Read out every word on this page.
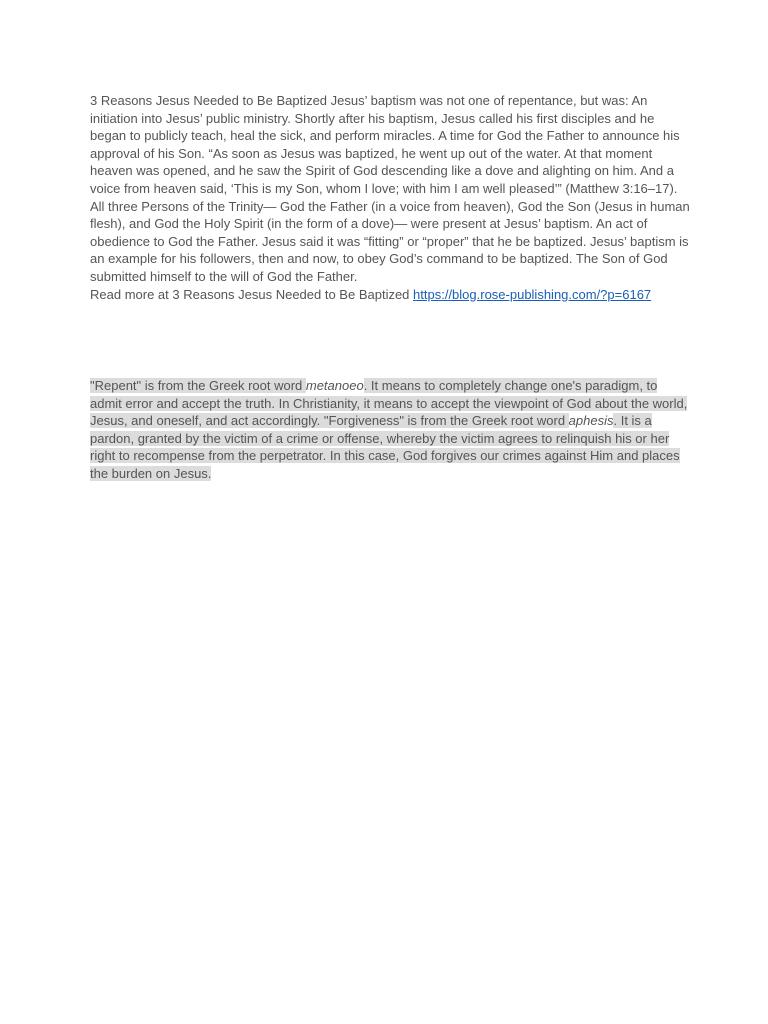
3 Reasons Jesus Needed to Be Baptized Jesus’ baptism was not one of repentance, but was: An initiation into Jesus’ public ministry. Shortly after his baptism, Jesus called his first disciples and he began to publicly teach, heal the sick, and perform miracles. A time for God the Father to announce his approval of his Son. “As soon as Jesus was baptized, he went up out of the water. At that moment heaven was opened, and he saw the Spirit of God descending like a dove and alighting on him. And a voice from heaven said, ‘This is my Son, whom I love; with him I am well pleased’” (Matthew 3:16–17). All three Persons of the Trinity— God the Father (in a voice from heaven), God the Son (Jesus in human flesh), and God the Holy Spirit (in the form of a dove)— were present at Jesus’ baptism. An act of obedience to God the Father. Jesus said it was “fitting” or “proper” that he be baptized. Jesus’ baptism is an example for his followers, then and now, to obey God’s command to be baptized. The Son of God submitted himself to the will of God the Father.
Read more at 3 Reasons Jesus Needed to Be Baptized https://blog.rose-publishing.com/?p=6167

"Repent" is from the Greek root word metanoeo. It means to completely change one's paradigm, to admit error and accept the truth. In Christianity, it means to accept the viewpoint of God about the world, Jesus, and oneself, and act accordingly. "Forgiveness" is from the Greek root word aphesis. It is a pardon, granted by the victim of a crime or offense, whereby the victim agrees to relinquish his or her right to recompense from the perpetrator. In this case, God forgives our crimes against Him and places the burden on Jesus.
